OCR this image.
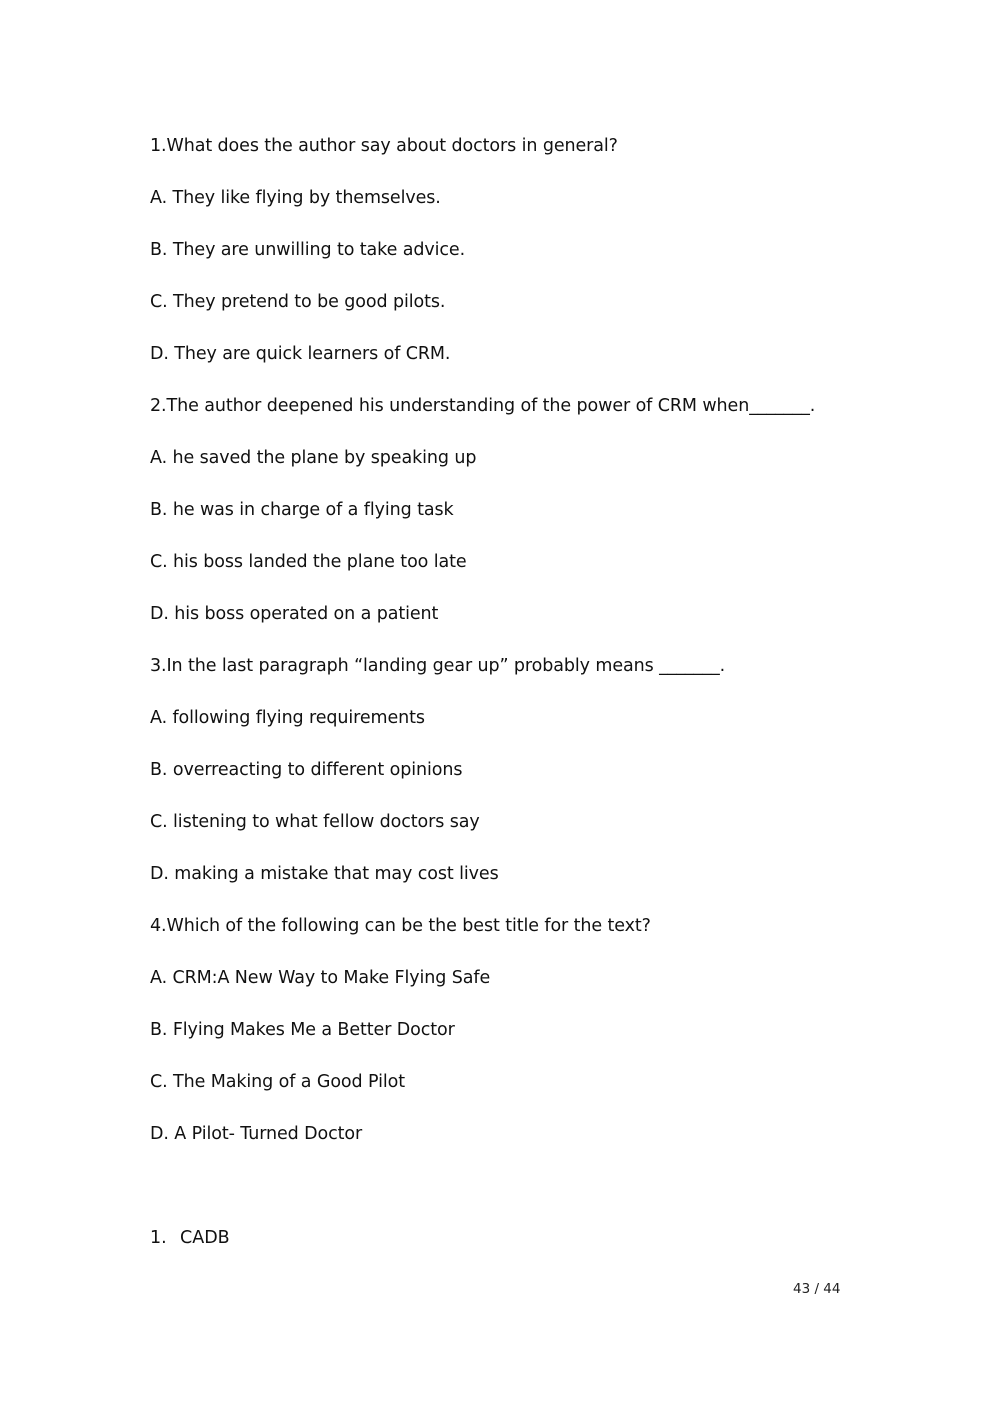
1.What does the author say about doctors in general?
A. They like flying by themselves.
B. They are unwilling to take advice.
C. They pretend to be good pilots.
D. They are quick learners of CRM.
2.The author deepened his understanding of the power of CRM when_______.
A. he saved the plane by speaking up
B. he was in charge of a flying task
C. his boss landed the plane too late
D. his boss operated on a patient
3.In the last paragraph “landing gear up” probably means _______.
A. following flying requirements
B. overreacting to different opinions
C. listening to what fellow doctors say
D. making a mistake that may cost lives
4.Which of the following can be the best title for the text?
A. CRM:A New Way to Make Flying Safe
B. Flying Makes Me a Better Doctor
C. The Making of a Good Pilot
D. A Pilot- Turned Doctor
1. CADB
43 / 44
